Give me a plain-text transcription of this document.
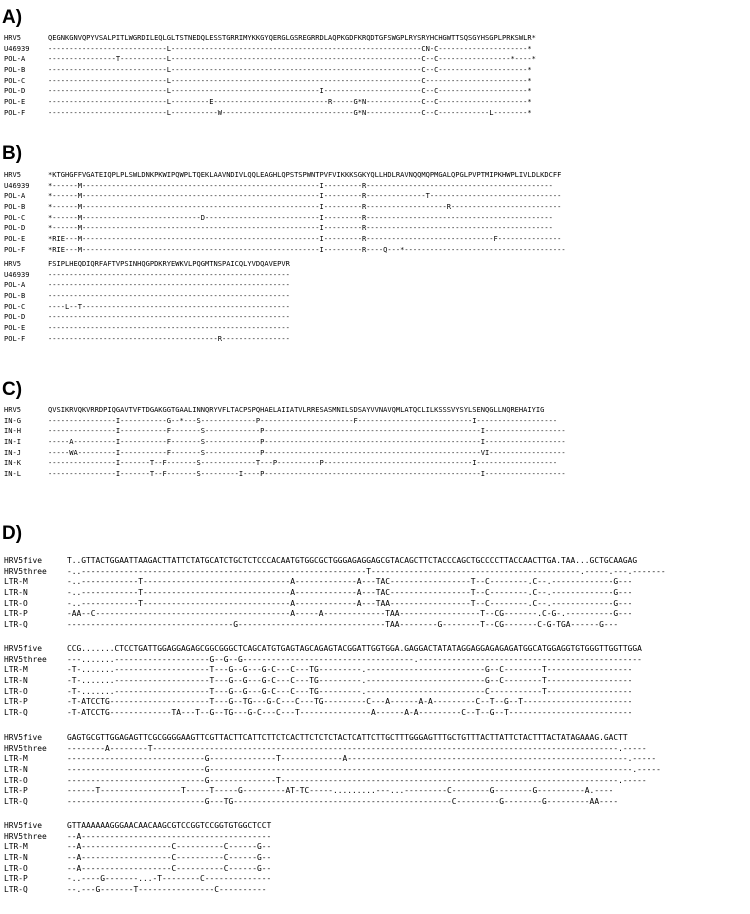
A)
HRV5	QEGNKGNVQPYVSALPITLWGRDILEQLGLTSTNEDQLESSTGRRIMYKKGYQERGLGSREGRRDLAQPKGDFKRQDTGFSWGPLRYSRYHCHGWTTSQSGYHSGPLPRKSWLR*
U46939	----------------------------L-----------------------------------------------------------CN-C---------------------*
POL-A	----------------T-----------L-----------------------------------------------------------C--C-----------------*----*
POL-B	----------------------------L-----------------------------------------------------------C--C---------------------*
POL-C	----------------------------L-----------------------------------------------------------C------------------------*
POL-D	----------------------------L-----------------------------------I-----------------------C--C---------------------*
POL-E	----------------------------L---------E---------------------------R-----G*N-------------C--C---------------------*
POL-F	----------------------------L-----------W-------------------------------G*N-------------C--C------------L--------*
B)
HRV5	*KTGHGFFVGATEIQPLPLSWLDNKPKWIPQWPLTQEKLAAVNDIVLQQLEAGHLQPSTSPWNTPVFVIKKKSGKYQLLHDLRAVNQQMQPMGALQPGLPVPTMIPKHWPLIVLDLKDCFF
U46939	*------M--------------------------------------------------------I---------R--------------------------------------------
POL-A	*------M--------------------------------------------------------I---------R--------------T-------------------------------
POL-B	*------M--------------------------------------------------------I---------R-------------------R--------------------------
POL-C	*------M----------------------------D---------------------------I---------R--------------------------------------------
POL-D	*------M--------------------------------------------------------I---------R--------------------------------------------
POL-E	*RIE---M--------------------------------------------------------I---------R------------------------------F---------------
POL-F	*RIE---M--------------------------------------------------------I---------R----Q---*--------------------------------------
HRV5	FSIPLHEQDIQRFAFTVPSINHQGPDKRYEWKVLPQGMTNSPAICQLYVDQAVEPVR
U46939	---------------------------------------------------------
POL-A	---------------------------------------------------------
POL-B	---------------------------------------------------------
POL-C	----L--T-------------------------------------------------
POL-D	---------------------------------------------------------
POL-E	---------------------------------------------------------
POL-F	----------------------------------------R----------------
C)
HRV5	QVSIKRVQKVRRDPIQGAVTVFTDGAKGGTGAALINNQRYVFLTACPSPQHAELAIIATVLRRESASMNILSDSAYVVNAVQMLATQCLILKSSSVYSYLSENQGLLNQREHAIYIG
IN-G	----------------I-----------G--*---S-------------P----------------------F---------------------------I-------------------
IN-H	----------------I-----------F-------S-------------P---------------------------------------------------I-------------------
IN-I	-----A----------I-----------F-------S-------------P---------------------------------------------------I-------------------
IN-J	-----WA---------I-----------F-------S-------------P---------------------------------------------------VI------------------
IN-K	----------------I-------T--F-------S-------------T---P----------P-----------------------------------I-------------------
IN-L	----------------I-------T--F-------S---------I----P---------------------------------------------------I-------------------
D)
HRV5five	T..GTTACTGGAATTAAGACTTATTCTATGCATCTGCTCTCCCACAATGTGGCGCTGGGAGAGGAGCGTACAGCTTCTACCCAGCTGCCCCTTACCAACTTGA.TAA...GCTGCAAGAG
HRV5three	-..------------------------------------------------------------T--------------------------------------------.-----.---.-------
LTR-M	-..------------T-------------------------------A-------------A---TAC-----------------T--C--------.C--.-------------G---
LTR-N	-..------------T-------------------------------A-------------A---TAC-----------------T--C--------.C--.-------------G---
LTR-O	-..------------T-------------------------------A-------------A---TAA-----------------T--C--------.C--.-------------G---
LTR-P	-AA--C-----------------------------------------A-----A-------------TAA-----------------T--CG-------.C-G-.----------G---
LTR-Q	-----------------------------------G-------------------------------TAA--------G--------T--CG-------C-G-TGA------G---
HRV5five	CCG.......CTCCTGATTGGAGGAGAGCGGCGGGCTCAGCATGTGAGTAGCAGAGTACGGATTGGTGGA.GAGGACTATATAGGAGGAGAGAGATGGCATGGAGGTGTGGGTTGGTTGGA
HRV5three	---.......--------------------G--G--G------------------------------------.-----------------------------------------------
LTR-M	-T-.......--------------------T---G--G---G-C---C---TG---------.-------------------------G--C--------T------------------
LTR-N	-T-.......--------------------T---G--G---G-C---C---TG---------.-------------------------G--C--------T------------------
LTR-O	-T-.......--------------------T---G--G---G-C---C---TG---------.-------------------------C-----------T------------------
LTR-P	-T-ATCCTG---------------------T---G--TG---G-C---C---TG---------C---A------A-A---------C--T--G--T-----------------------
LTR-Q	-T-ATCCTG-------------TA---T--G--TG---G-C---C---T---------------A------A-A---------C--T--G--T--------------------------
HRV5five	GAGTGCGTTGGAGAGTTCGCGGGGAAGTTCGTTACTTCATTCTTCTCACTTCTCTCTACTCATTCTTGCTTTGGGAGTTTGCTGTTTACTTATTCTACTTTACTATAGAAAG.GACTT
HRV5three	--------A--------T--------------------------------------------------------------------------------------------------.-----
LTR-M	-----------------------------G--------------T-------------A-----------------------------------------------------------.-----
LTR-N	-----------------------------G-----------------------------------------------------------------------------------------.-----
LTR-O	-----------------------------G--------------T-----------------------------------------------------------------------.-----
LTR-P	------T-----------------T-----T-----G---------AT-TC-----.........---...---------C--------G--------G----------A.----
LTR-Q	-----------------------------G---TG----------------------------------------------C---------G--------G---------AA----
HRV5five	GTTAAAAAAGGGAACAACAAGCGTCCGGTCCGGTGTGGCTCCT
HRV5three	--A----------------------------------------
LTR-M	--A-------------------C----------C------G--
LTR-N	--A-------------------C----------C------G--
LTR-O	--A-------------------C----------C------G--
LTR-P	-..----G-------...-T--------C--------------
LTR-Q	--.---G-------T----------------C----------
